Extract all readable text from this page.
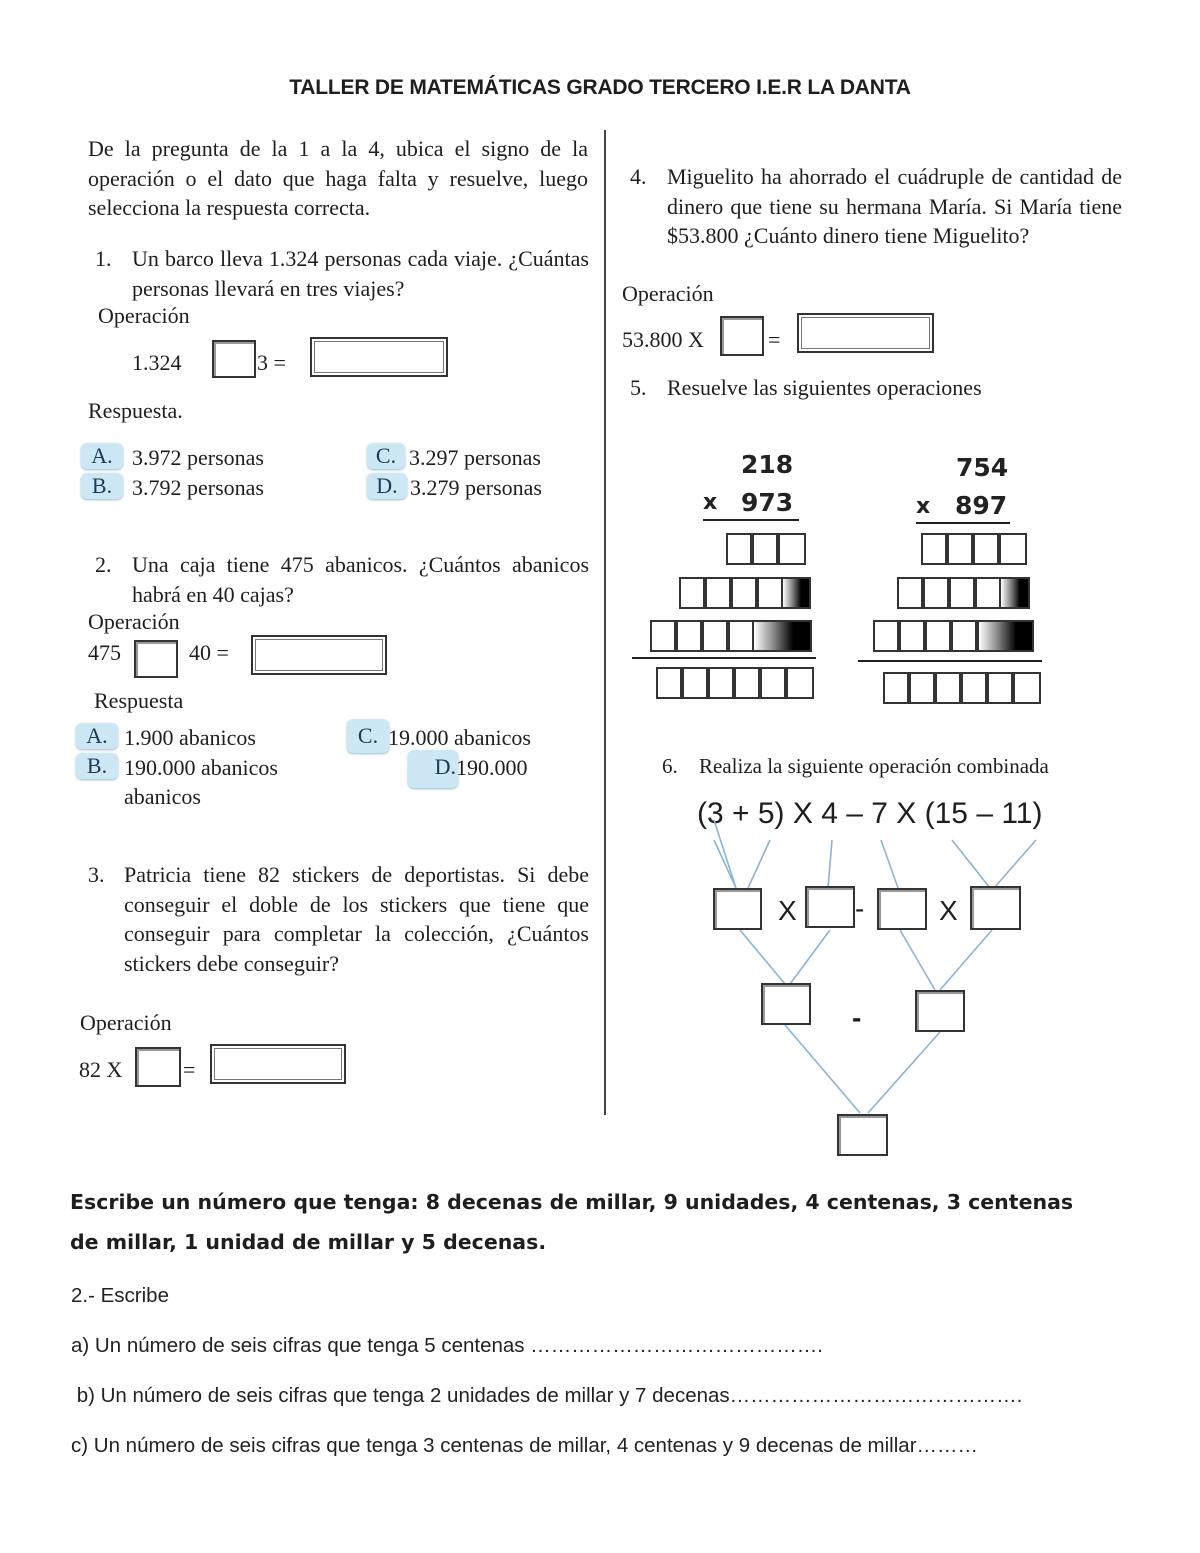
TALLER DE MATEMÁTICAS GRADO TERCERO I.E.R LA DANTA
De la pregunta de la 1 a la 4, ubica el signo de la operación o el dato que haga falta y resuelve, luego selecciona la respuesta correcta.
1. Un barco lleva 1.324 personas cada viaje. ¿Cuántas personas llevará en tres viajes?
Operación
1.324	3 =
Respuesta.
A. 3.972 personas
B. 3.792 personas
C. 3.297 personas
D. 3.279 personas
2. Una caja tiene 475 abanicos. ¿Cuántos abanicos habrá en 40 cajas?
Operación
475	40 =
Respuesta
A. 1.900 abanicos
B. 190.000 abanicos
abanicos
C. 19.000 abanicos
D. 190.000
3. Patricia tiene 82 stickers de deportistas. Si debe conseguir el doble de los stickers que tiene que conseguir para completar la colección, ¿Cuántos stickers debe conseguir?
Operación
82 X	=
4. Miguelito ha ahorrado el cuádruple de cantidad de dinero que tiene su hermana María. Si María tiene $53.800 ¿Cuánto dinero tiene Miguelito?
Operación
53.800 X	=
5. Resuelve las siguientes operaciones
218
x 973
754
x 897
6. Realiza la siguiente operación combinada
(3 + 5) X 4 – 7 X (15 – 11)
X -	X
-
Escribe un número que tenga: 8 decenas de millar, 9 unidades, 4 centenas, 3 centenas de millar, 1 unidad de millar y 5 decenas.
2.- Escribe
a) Un número de seis cifras que tenga 5 centenas …………………………………….
b) Un número de seis cifras que tenga 2 unidades de millar y 7 decenas…………………………………….
c) Un número de seis cifras que tenga 3 centenas de millar, 4 centenas y 9 decenas de millar………
